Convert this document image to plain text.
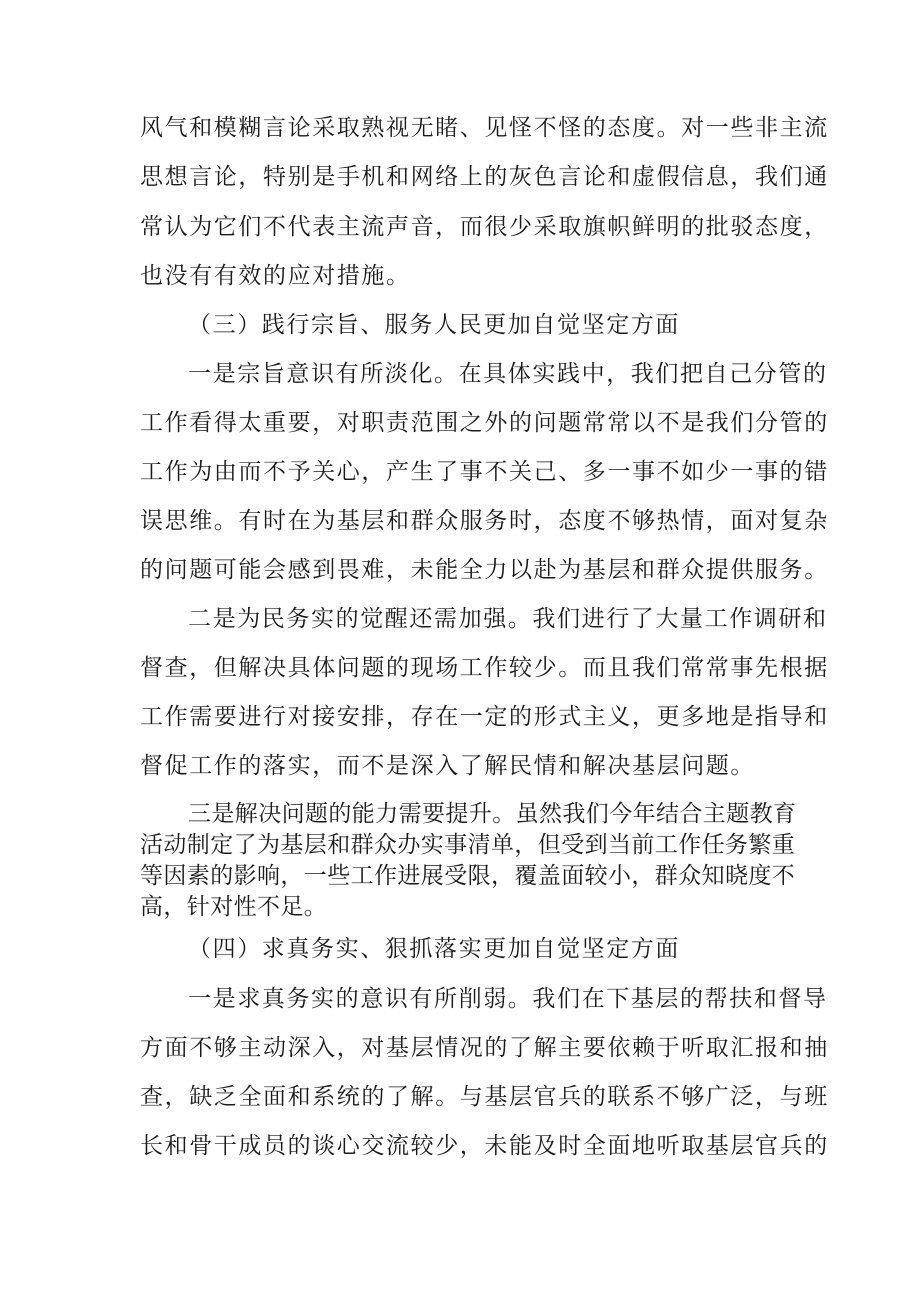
风气和模糊言论采取熟视无睹、见怪不怪的态度。对一些非主流
思想言论，特别是手机和网络上的灰色言论和虚假信息，我们通
常认为它们不代表主流声音，而很少采取旗帜鲜明的批驳态度，
也没有有效的应对措施。
（三）践行宗旨、服务人民更加自觉坚定方面
一是宗旨意识有所淡化。在具体实践中，我们把自己分管的
工作看得太重要，对职责范围之外的问题常常以不是我们分管的
工作为由而不予关心，产生了事不关己、多一事不如少一事的错
误思维。有时在为基层和群众服务时，态度不够热情，面对复杂
的问题可能会感到畏难，未能全力以赴为基层和群众提供服务。
二是为民务实的觉醒还需加强。我们进行了大量工作调研和
督查，但解决具体问题的现场工作较少。而且我们常常事先根据
工作需要进行对接安排，存在一定的形式主义，更多地是指导和
督促工作的落实，而不是深入了解民情和解决基层问题。
三是解决问题的能力需要提升。虽然我们今年结合主题教育
活动制定了为基层和群众办实事清单，但受到当前工作任务繁重
等因素的影响，一些工作进展受限，覆盖面较小，群众知晓度不
高，针对性不足。
（四）求真务实、狠抓落实更加自觉坚定方面
一是求真务实的意识有所削弱。我们在下基层的帮扶和督导
方面不够主动深入，对基层情况的了解主要依赖于听取汇报和抽
查，缺乏全面和系统的了解。与基层官兵的联系不够广泛，与班
长和骨干成员的谈心交流较少，未能及时全面地听取基层官兵的
